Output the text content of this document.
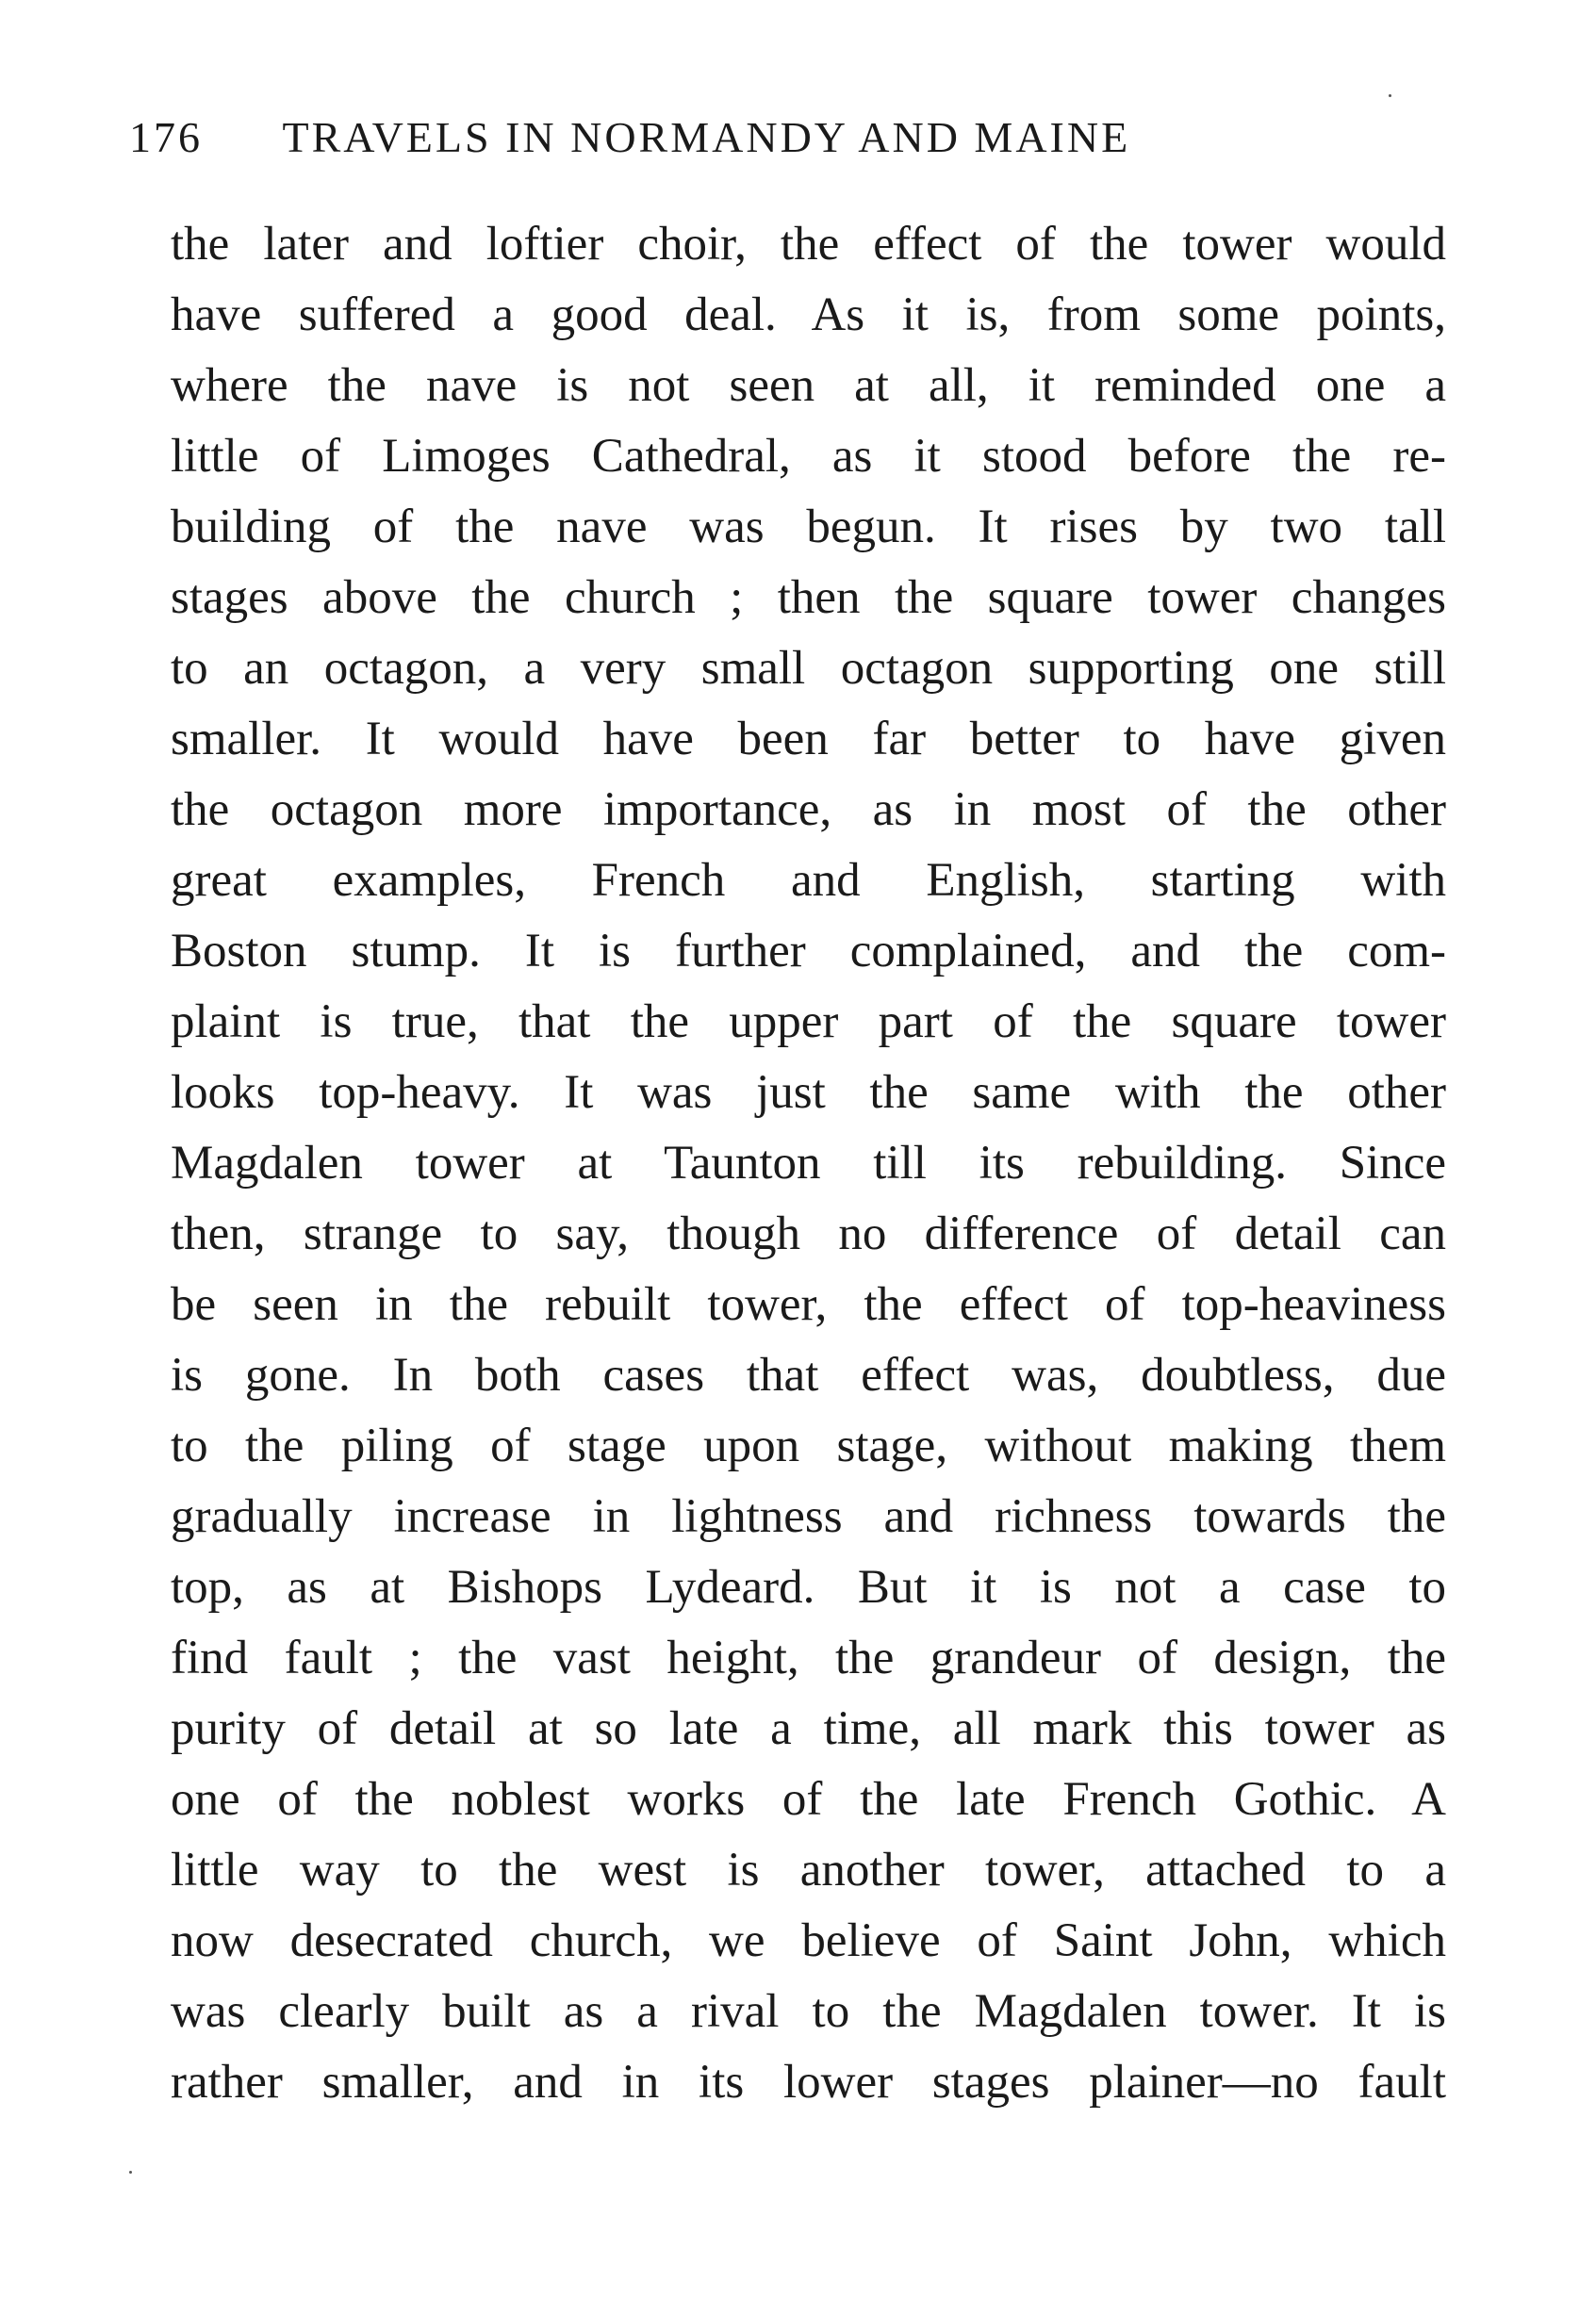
176 TRAVELS IN NORMANDY AND MAINE
the later and loftier choir, the effect of the tower would
have suffered a good deal. As it is, from some points,
where the nave is not seen at all, it reminded one a
little of Limoges Cathedral, as it stood before the re-
building of the nave was begun. It rises by two tall
stages above the church ; then the square tower changes
to an octagon, a very small octagon supporting one still
smaller. It would have been far better to have given
the octagon more importance, as in most of the other
great examples, French and English, starting with
Boston stump. It is further complained, and the com-
plaint is true, that the upper part of the square tower
looks top-heavy. It was just the same with the other
Magdalen tower at Taunton till its rebuilding. Since
then, strange to say, though no difference of detail can
be seen in the rebuilt tower, the effect of top-heaviness
is gone. In both cases that effect was, doubtless, due
to the piling of stage upon stage, without making them
gradually increase in lightness and richness towards the
top, as at Bishops Lydeard. But it is not a case to
find fault ; the vast height, the grandeur of design, the
purity of detail at so late a time, all mark this tower as
one of the noblest works of the late French Gothic. A
little way to the west is another tower, attached to a
now desecrated church, we believe of Saint John, which
was clearly built as a rival to the Magdalen tower. It is
rather smaller, and in its lower stages plainer—no fault
